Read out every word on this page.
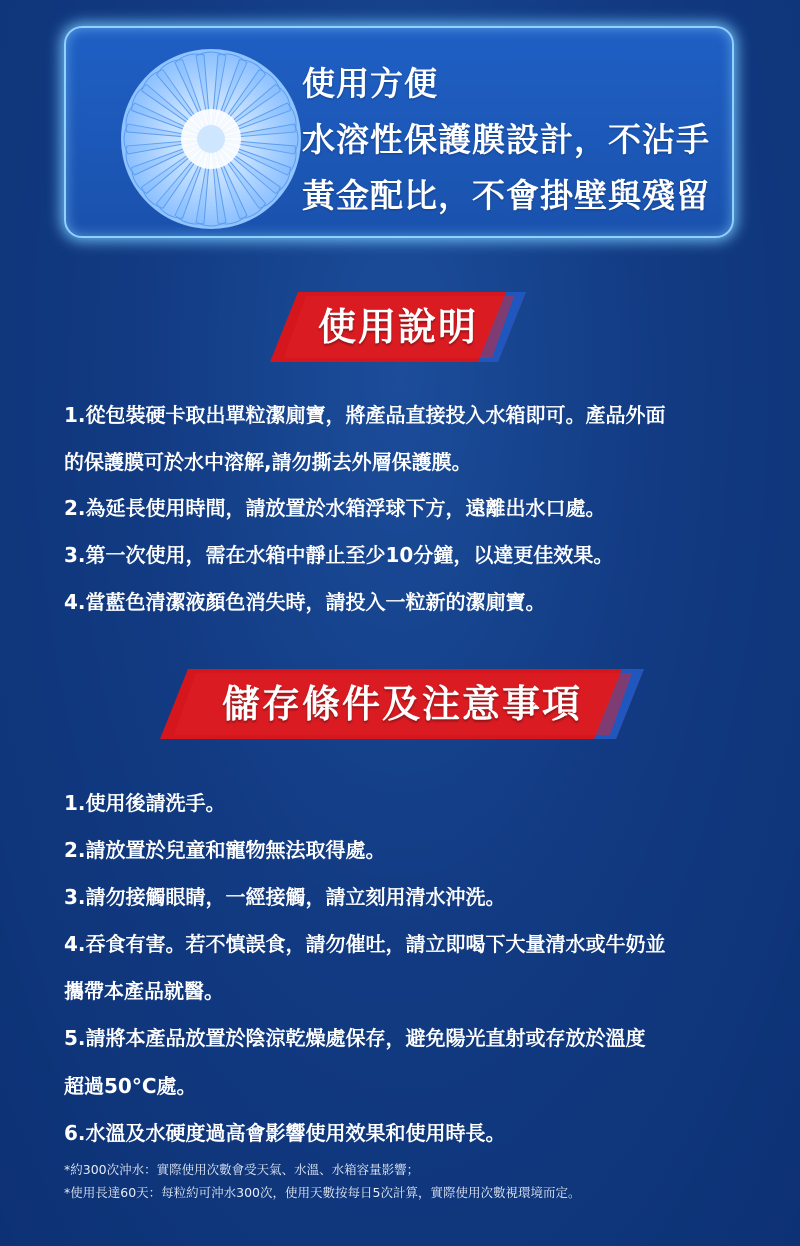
使用方便
水溶性保護膜設計，不沾手
黃金配比，不會掛壁與殘留
使用說明
1.從包裝硬卡取出單粒潔廁寶，將產品直接投入水箱即可。產品外面
的保護膜可於水中溶解,請勿撕去外層保護膜。
2.為延長使用時間，請放置於水箱浮球下方，遠離出水口處。
3.第一次使用，需在水箱中靜止至少10分鐘，以達更佳效果。
4.當藍色清潔液顏色消失時，請投入一粒新的潔廁寶。
儲存條件及注意事項
1.使用後請洗手。
2.請放置於兒童和寵物無法取得處。
3.請勿接觸眼睛，一經接觸，請立刻用清水沖洗。
4.吞食有害。若不慎誤食，請勿催吐，請立即喝下大量清水或牛奶並
攜帶本產品就醫。
5.請將本產品放置於陰涼乾燥處保存，避免陽光直射或存放於溫度
超過50°C處。
6.水溫及水硬度過高會影響使用效果和使用時長。
*約300次沖水：實際使用次數會受天氣、水溫、水箱容量影響；
*使用長達60天：每粒約可沖水300次，使用天數按每日5次計算，實際使用次數視環境而定。
